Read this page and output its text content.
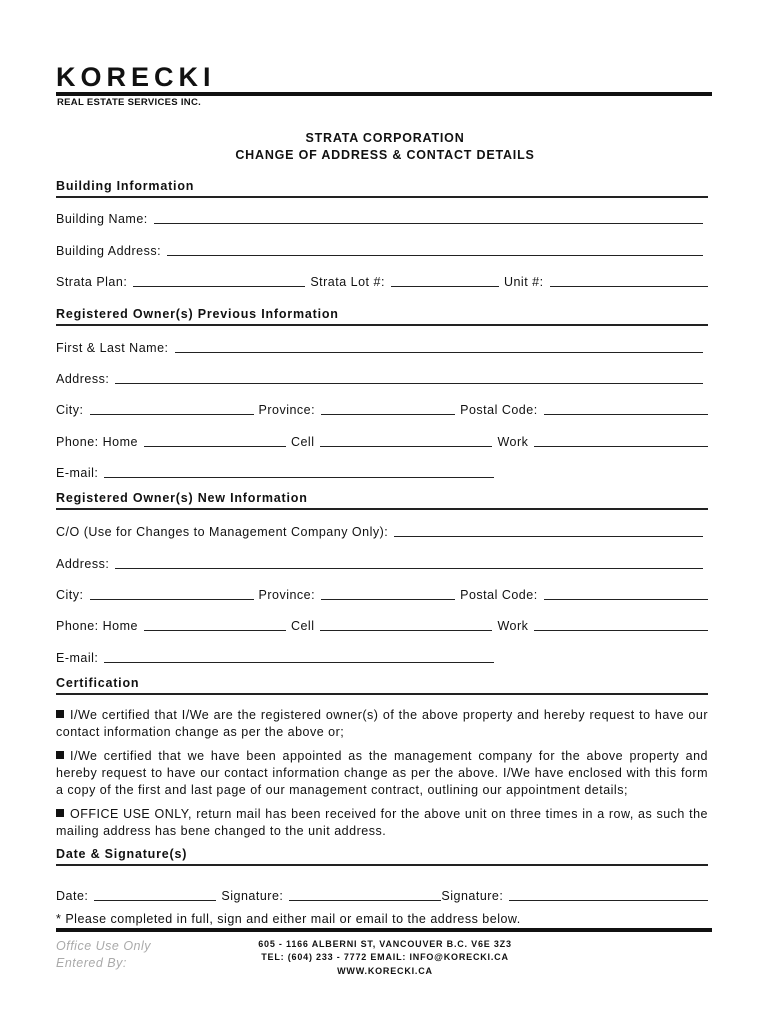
KORECKI
REAL ESTATE SERVICES INC.
STRATA CORPORATION
CHANGE OF ADDRESS & CONTACT DETAILS
Building Information
Building Name:
Building Address:
Strata Plan:	Strata Lot #:	Unit #:
Registered Owner(s) Previous Information
First & Last Name:
Address:
City:	Province:	Postal Code:
Phone: Home	Cell	Work
E-mail:
Registered Owner(s) New Information
C/O (Use for Changes to Management Company Only):
Address:
City:	Province:	Postal Code:
Phone: Home	Cell	Work
E-mail:
Certification
I/We certified that I/We are the registered owner(s) of the above property and hereby request to have our contact information change as per the above or;
I/We certified that we have been appointed as the management company for the above property and hereby request to have our contact information change as per the above. I/We have enclosed with this form a copy of the first and last page of our management contract, outlining our appointment details;
OFFICE USE ONLY, return mail has been received for the above unit on three times in a row, as such the mailing address has bene changed to the unit address.
Date & Signature(s)
Date:	Signature:	Signature:
* Please completed in full, sign and either mail or email to the address below.
Office Use Only
Entered By:
605 - 1166 ALBERNI ST, VANCOUVER B.C. V6E 3Z3
TEL: (604) 233 - 7772 EMAIL: INFO@KORECKI.CA
WWW.KORECKI.CA
